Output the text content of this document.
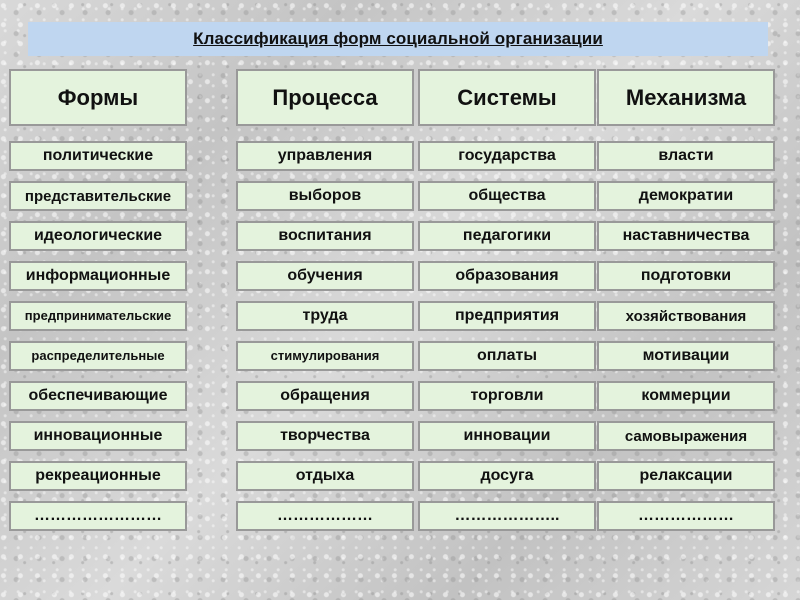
Классификация форм социальной организации
Формы
политические
представительские
идеологические
информационные
предпринимательские
распределительные
обеспечивающие
инновационные
рекреационные
……………………
Процесса
управления
выборов
воспитания
обучения
труда
стимулирования
обращения
творчества
отдыха
………………
Системы
государства
общества
педагогики
образования
предприятия
оплаты
торговли
инновации
досуга
………………..
Механизма
власти
демократии
наставничества
подготовки
хозяйствования
мотивации
коммерции
самовыражения
релаксации
………………
